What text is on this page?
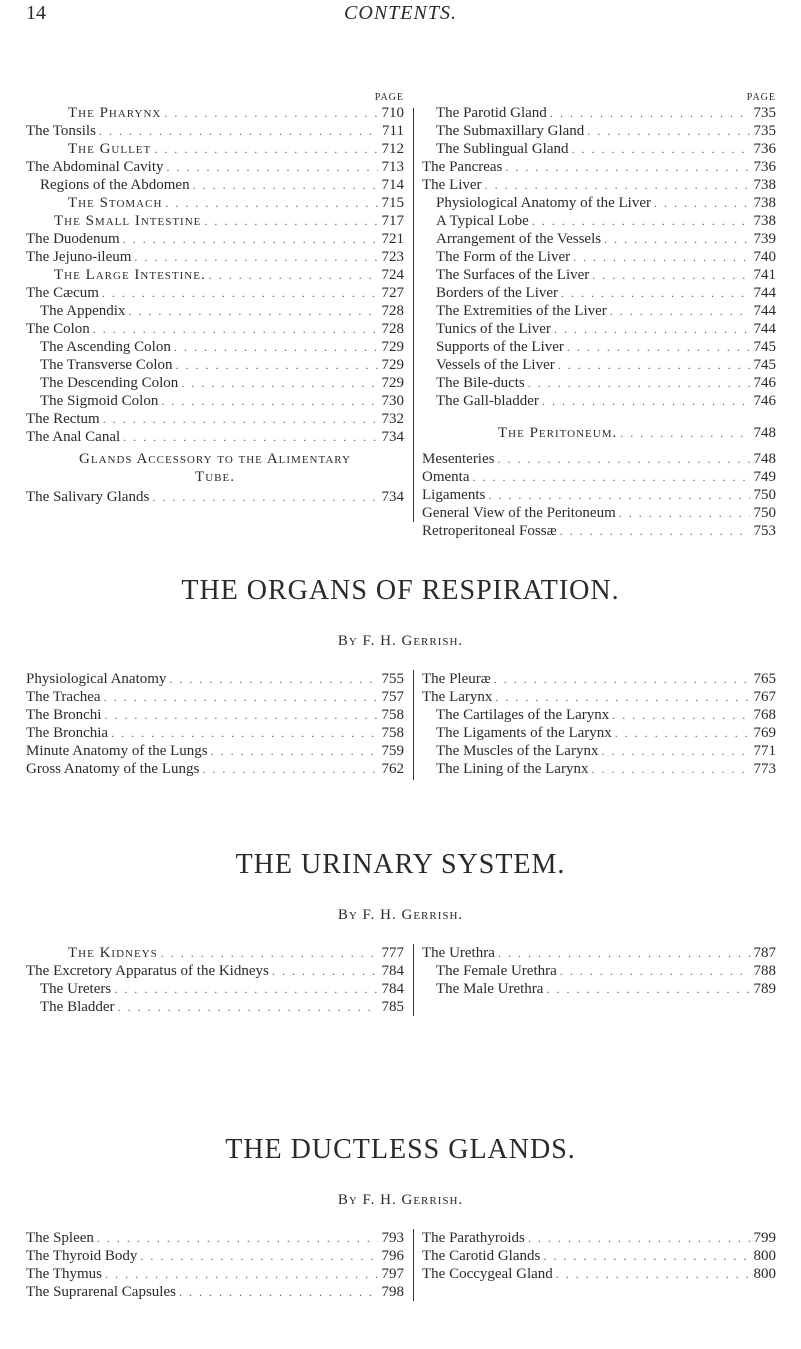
14	CONTENTS.
PAGE
The Pharynx . . .	710
The Tonsils . . .	711
The Gullet . . .	712
The Abdominal Cavity . . .	713
Regions of the Abdomen . . .	714
The Stomach . . .	715
The Small Intestine . . .	717
The Duodenum . . .	721
The Jejuno-ileum . . .	723
The Large Intestine. . . .	724
The Cæcum . . .	727
The Appendix . . .	728
The Colon . . .	728
The Ascending Colon . . .	729
The Transverse Colon . . .	729
The Descending Colon . . .	729
The Sigmoid Colon . . .	730
The Rectum . . .	732
The Anal Canal . . .	734
Glands Accessory to the Alimentary
Tube.
The Salivary Glands . . .	734
PAGE
The Parotid Gland . . .	735
The Submaxillary Gland . . .	735
The Sublingual Gland . . .	736
The Pancreas . . .	736
The Liver . . .	738
Physiological Anatomy of the Liver . . .	738
A Typical Lobe . . .	738
Arrangement of the Vessels . . .	739
The Form of the Liver . . .	740
The Surfaces of the Liver . . .	741
Borders of the Liver . . .	744
The Extremities of the Liver . . .	744
Tunics of the Liver . . .	744
Supports of the Liver . . .	745
Vessels of the Liver . . .	745
The Bile-ducts . . .	746
The Gall-bladder . . .	746
The Peritoneum. . . .	748
Mesenteries . . .	748
Omenta . . .	749
Ligaments . . .	750
General View of the Peritoneum . . .	750
Retroperitoneal Fossæ . . .	753
THE ORGANS OF RESPIRATION.
By F. H. Gerrish.
Physiological Anatomy . . .	755
The Trachea . . .	757
The Bronchi . . .	758
The Bronchia . . .	758
Minute Anatomy of the Lungs . . .	759
Gross Anatomy of the Lungs . . .	762
The Pleuræ . . .	765
The Larynx . . .	767
The Cartilages of the Larynx . . .	768
The Ligaments of the Larynx . . .	769
The Muscles of the Larynx . . .	771
The Lining of the Larynx . . .	773
THE URINARY SYSTEM.
By F. H. Gerrish.
The Kidneys . . .	777
The Excretory Apparatus of the Kidneys . . .	784
The Ureters . . .	784
The Bladder . . .	785
The Urethra . . .	787
The Female Urethra . . .	788
The Male Urethra . . .	789
THE DUCTLESS GLANDS.
By F. H. Gerrish.
The Spleen . . .	793
The Thyroid Body . . .	796
The Thymus . . .	797
The Suprarenal Capsules . . .	798
The Parathyroids . . .	799
The Carotid Glands . . .	800
The Coccygeal Gland . . .	800
